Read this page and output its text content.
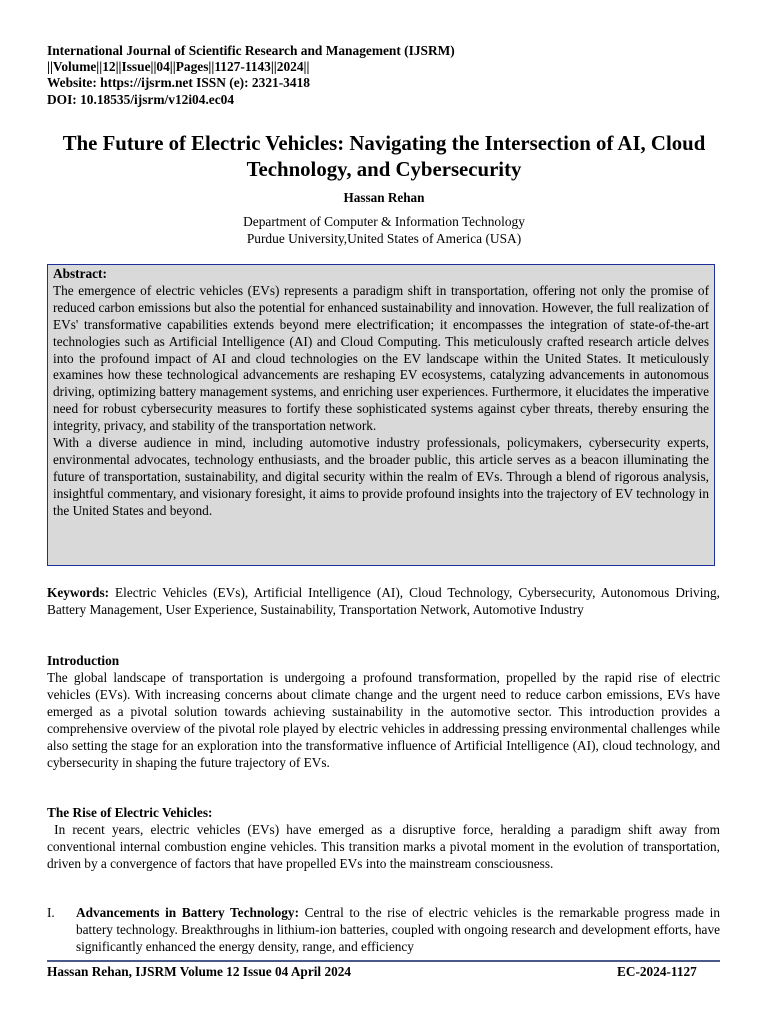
International Journal of Scientific Research and Management (IJSRM)
||Volume||12||Issue||04||Pages||1127-1143||2024||
Website: https://ijsrm.net ISSN (e): 2321-3418
DOI: 10.18535/ijsrm/v12i04.ec04
The Future of Electric Vehicles: Navigating the Intersection of AI, Cloud Technology, and Cybersecurity
Hassan Rehan
Department of Computer & Information Technology
Purdue University,United States of America (USA)

Abstract:

The emergence of electric vehicles (EVs) represents a paradigm shift in transportation, offering not only the promise of reduced carbon emissions but also the potential for enhanced sustainability and innovation. However, the full realization of EVs' transformative capabilities extends beyond mere electrification; it encompasses the integration of state-of-the-art technologies such as Artificial Intelligence (AI) and Cloud Computing. This meticulously crafted research article delves into the profound impact of AI and cloud technologies on the EV landscape within the United States. It meticulously examines how these technological advancements are reshaping EV ecosystems, catalyzing advancements in autonomous driving, optimizing battery management systems, and enriching user experiences. Furthermore, it elucidates the imperative need for robust cybersecurity measures to fortify these sophisticated systems against cyber threats, thereby ensuring the integrity, privacy, and stability of the transportation network.

With a diverse audience in mind, including automotive industry professionals, policymakers, cybersecurity experts, environmental advocates, technology enthusiasts, and the broader public, this article serves as a beacon illuminating the future of transportation, sustainability, and digital security within the realm of EVs. Through a blend of rigorous analysis, insightful commentary, and visionary foresight, it aims to provide profound insights into the trajectory of EV technology in the United States and beyond.

Keywords: Electric Vehicles (EVs), Artificial Intelligence (AI), Cloud Technology, Cybersecurity, Autonomous Driving, Battery Management, User Experience, Sustainability, Transportation Network, Automotive Industry

Introduction

The global landscape of transportation is undergoing a profound transformation, propelled by the rapid rise of electric vehicles (EVs). With increasing concerns about climate change and the urgent need to reduce carbon emissions, EVs have emerged as a pivotal solution towards achieving sustainability in the automotive sector. This introduction provides a comprehensive overview of the pivotal role played by electric vehicles in addressing pressing environmental challenges while also setting the stage for an exploration into the transformative influence of Artificial Intelligence (AI), cloud technology, and cybersecurity in shaping the future trajectory of EVs.

The Rise of Electric Vehicles:

In recent years, electric vehicles (EVs) have emerged as a disruptive force, heralding a paradigm shift away from conventional internal combustion engine vehicles. This transition marks a pivotal moment in the evolution of transportation, driven by a convergence of factors that have propelled EVs into the mainstream consciousness.

I. Advancements in Battery Technology: Central to the rise of electric vehicles is the remarkable progress made in battery technology. Breakthroughs in lithium-ion batteries, coupled with ongoing research and development efforts, have significantly enhanced the energy density, range, and efficiency
Hassan Rehan, IJSRM Volume 12 Issue 04 April 2024	EC-2024-1127
